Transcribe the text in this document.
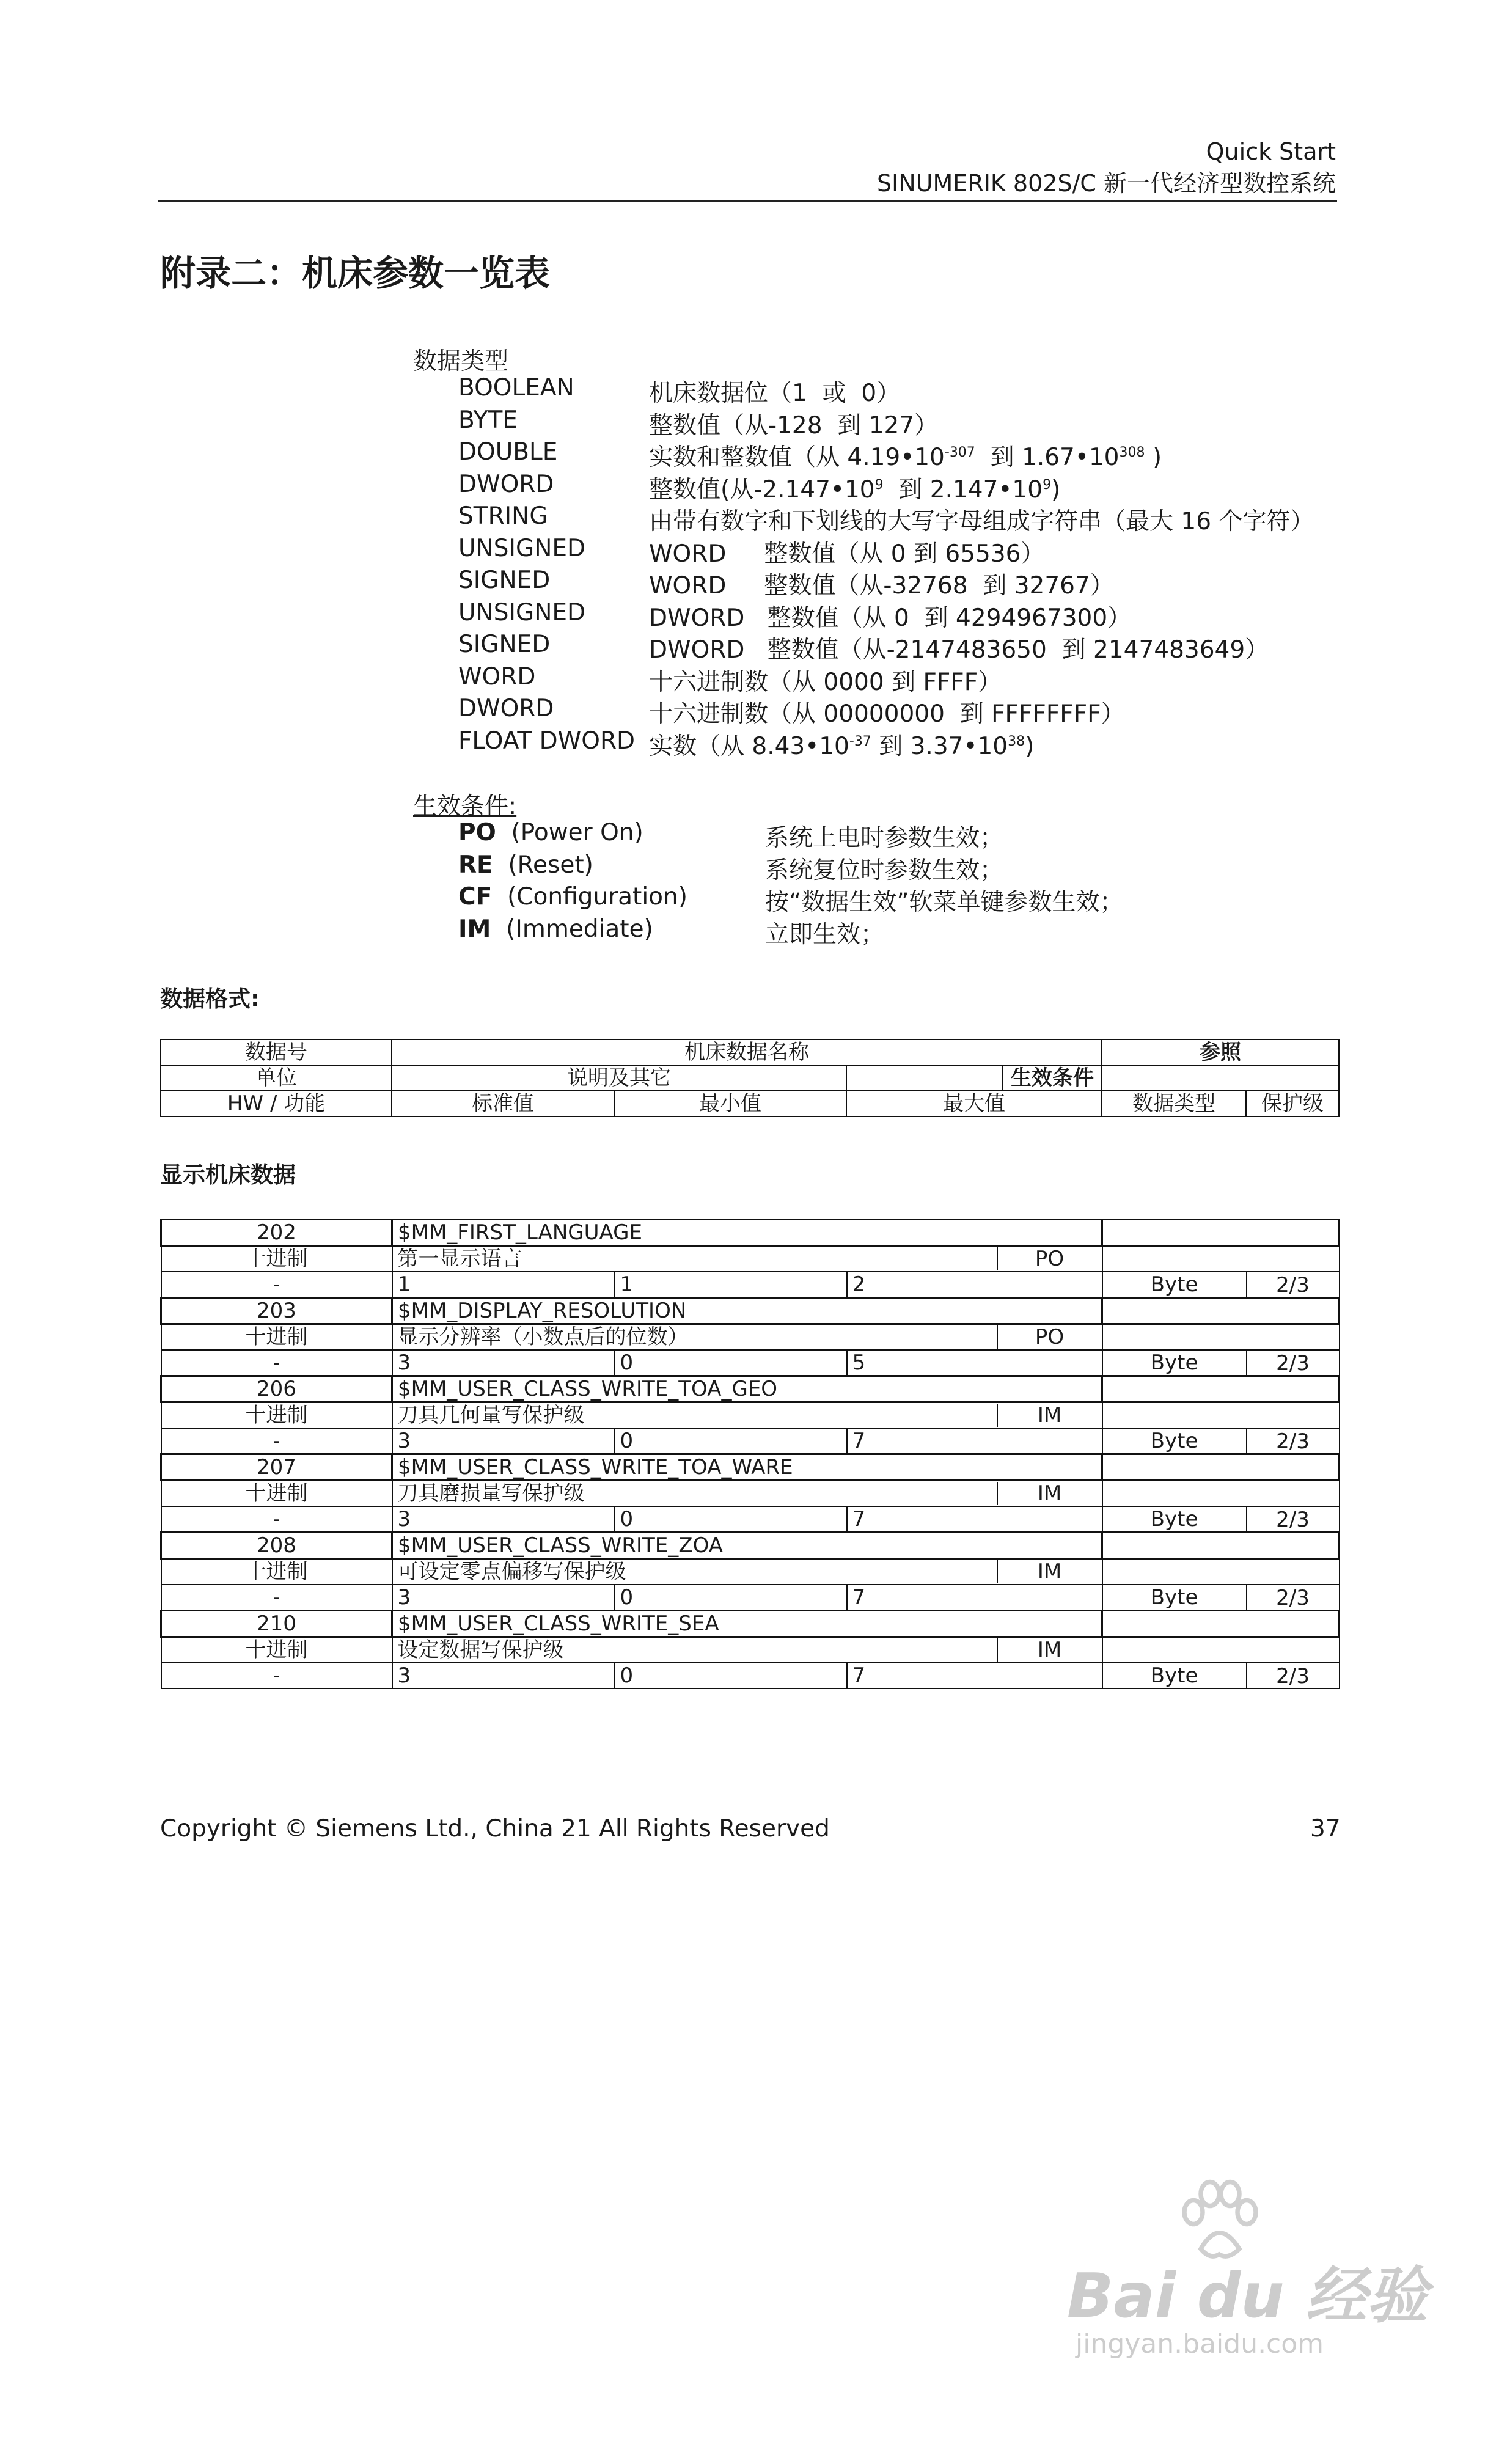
Quick Start
SINUMERIK 802S/C 新一代经济型数控系统
附录二：机床参数一览表
数据类型
BOOLEAN	机床数据位（1  或  0）
BYTE	整数值（从-128  到 127）
DOUBLE	实数和整数值（从 $4.19•10^{-307}$  到 $1.67•10^{308}$ )
DWORD	整数值(从$-2.147•10^9$  到 $2.147•10^9$)
STRING	由带有数字和下划线的大写字母组成字符串（最大 16 个字符）
UNSIGNED	WORD     整数值（从 0 到 65536）
SIGNED	WORD     整数值（从-32768  到 32767）
UNSIGNED	DWORD   整数值（从 0  到 4294967300）
SIGNED	DWORD   整数值（从-2147483650  到 2147483649）
WORD	十六进制数（从 0000 到 FFFF）
DWORD	十六进制数（从 00000000  到 FFFFFFFF）
FLOAT DWORD 实数（从 $8.43•10^{-37}$ 到 $3.37•10^{38}$)
生效条件:
PO (Power On)	系统上电时参数生效；
RE (Reset)	系统复位时参数生效；
CF (Configuration)	按“数据生效”软菜单键参数生效；
IM (Immediate)	立即生效；
数据格式:
数据号	机床数据名称			参照	
单位	说明及其它		生效条件		

HW / 功能	标准值	最小值	最大值	数据类型	保护级
显示机床数据
202	$MM_FIRST_LANGUAGE				
十进制	第一显示语言 PO				

-	1	1	2	Byte	2/3
203	$MM_DISPLAY_RESOLUTION				
十进制	显示分辨率（小数点后的位数） PO				

-	3	0	5	Byte	2/3
206	$MM_USER_CLASS_WRITE_TOA_GEO				
十进制	刀具几何量写保护级 IM				

-	3	0	7	Byte	2/3
207	$MM_USER_CLASS_WRITE_TOA_WARE				
十进制	刀具磨损量写保护级 IM				

-	3	0	7	Byte	2/3
208	$MM_USER_CLASS_WRITE_ZOA				
十进制	可设定零点偏移写保护级 IM				

-	3	0	7	Byte	2/3
210	$MM_USER_CLASS_WRITE_SEA				
十进制	设定数据写保护级 IM				

-	3	0	7	Byte	2/3
Copyright © Siemens Ltd., China 21 All Rights Reserved	37
Bai du 经验
jingyan.baidu.com
